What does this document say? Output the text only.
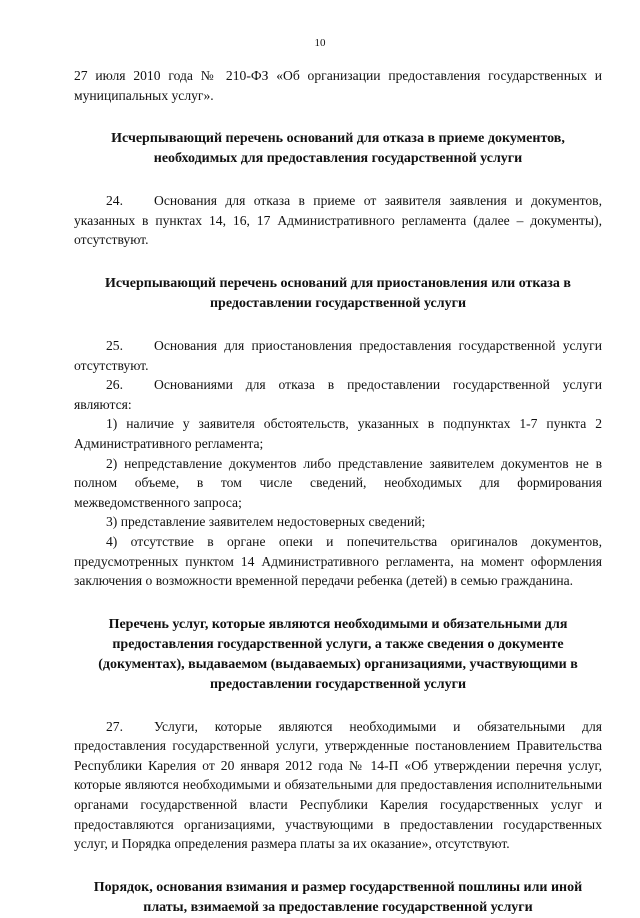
10

27 июля 2010 года № 210-ФЗ «Об организации предоставления государственных и муниципальных услуг».

Исчерпывающий перечень оснований для отказа в приеме документов, необходимых для предоставления государственной услуги

24. Основания для отказа в приеме от заявителя заявления и документов, указанных в пунктах 14, 16, 17 Административного регламента (далее – документы), отсутствуют.

Исчерпывающий перечень оснований для приостановления или отказа в предоставлении государственной услуги

25. Основания для приостановления предоставления государственной услуги отсутствуют.

26. Основаниями для отказа в предоставлении государственной услуги являются:

1) наличие у заявителя обстоятельств, указанных в подпунктах 1-7 пункта 2 Административного регламента;

2) непредставление документов либо представление заявителем документов не в полном объеме, в том числе сведений, необходимых для формирования межведомственного запроса;

3) представление заявителем недостоверных сведений;

4) отсутствие в органе опеки и попечительства оригиналов документов, предусмотренных пунктом 14 Административного регламента, на момент оформления заключения о возможности временной передачи ребенка (детей) в семью гражданина.

Перечень услуг, которые являются необходимыми и обязательными для предоставления государственной услуги, а также сведения о документе (документах), выдаваемом (выдаваемых) организациями, участвующими в предоставлении государственной услуги

27. Услуги, которые являются необходимыми и обязательными для предоставления государственной услуги, утвержденные постановлением Правительства Республики Карелия от 20 января 2012 года № 14-П «Об утверждении перечня услуг, которые являются необходимыми и обязательными для предоставления исполнительными органами государственной власти Республики Карелия государственных услуг и предоставляются организациями, участвующими в предоставлении государственных услуг, и Порядка определения размера платы за их оказание», отсутствуют.

Порядок, основания взимания и размер государственной пошлины или иной платы, взимаемой за предоставление государственной услуги
